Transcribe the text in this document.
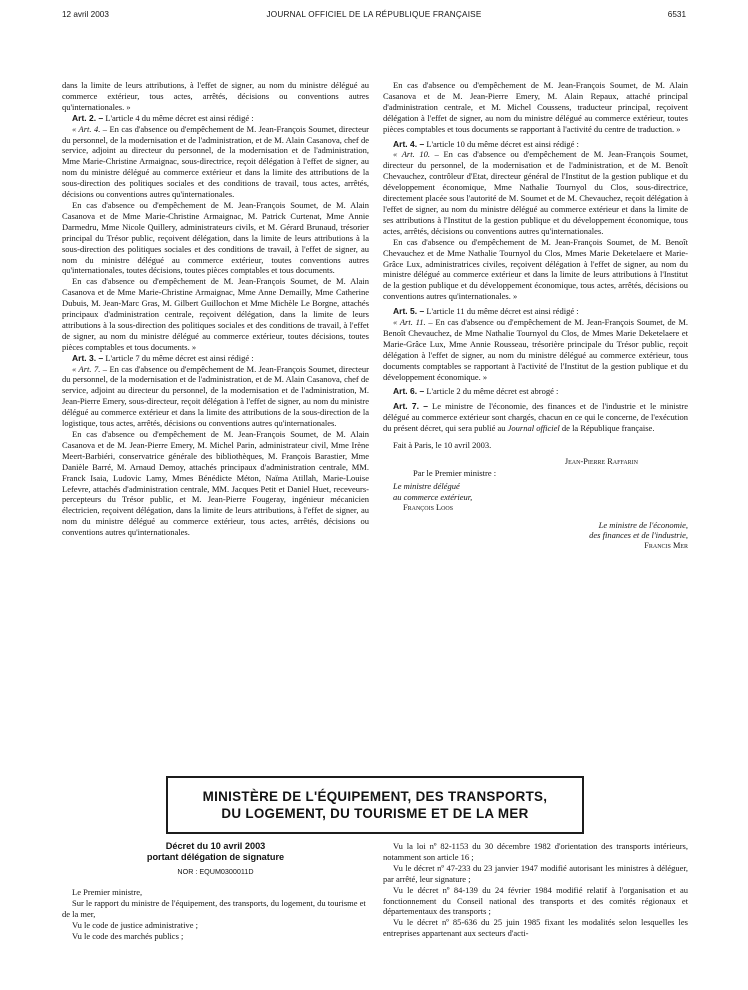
12 avril 2003	JOURNAL OFFICIEL DE LA RÉPUBLIQUE FRANÇAISE	6531

dans la limite de leurs attributions, à l'effet de signer, au nom du ministre délégué au commerce extérieur, tous actes, arrêtés, décisions ou conventions autres qu'internationales. »

Art. 2. – L'article 4 du même décret est ainsi rédigé :

« Art. 4. – En cas d'absence ou d'empêchement de M. Jean-François Soumet, directeur du personnel, de la modernisation et de l'administration, et de M. Alain Casanova, chef de service, adjoint au directeur du personnel, de la modernisation et de l'administration, Mme Marie-Christine Armaignac, sous-directrice, reçoit délégation à l'effet de signer, au nom du ministre délégué au commerce extérieur et dans la limite des attributions de la sous-direction des politiques sociales et des conditions de travail, tous actes, arrêtés, décisions ou conventions autres qu'internationales.

En cas d'absence ou d'empêchement de M. Jean-François Soumet, de M. Alain Casanova et de Mme Marie-Christine Armaignac, M. Patrick Curtenat, Mme Annie Darmedru, Mme Nicole Quillery, administrateurs civils, et M. Gérard Brunaud, trésorier principal du Trésor public, reçoivent délégation, dans la limite de leurs attributions à la sous-direction des politiques sociales et des conditions de travail, à l'effet de signer, au nom du ministre délégué au commerce extérieur, toutes conventions autres qu'internationales, toutes décisions, toutes pièces comptables et tous documents.

En cas d'absence ou d'empêchement de M. Jean-François Soumet, de M. Alain Casanova et de Mme Marie-Christine Armaignac, Mme Anne Demailly, Mme Catherine Dubuis, M. Jean-Marc Gras, M. Gilbert Guillochon et Mme Michèle Le Borgne, attachés principaux d'administration centrale, reçoivent délégation, dans la limite de leurs attributions à la sous-direction des politiques sociales et des conditions de travail, à l'effet de signer, au nom du ministre délégué au commerce extérieur, toutes décisions, toutes pièces comptables et tous documents. »

Art. 3. – L'article 7 du même décret est ainsi rédigé :

« Art. 7. – En cas d'absence ou d'empêchement de M. Jean-François Soumet, directeur du personnel, de la modernisation et de l'administration, et de M. Alain Casanova, chef de service, adjoint au directeur du personnel, de la modernisation et de l'administration, M. Jean-Pierre Emery, sous-directeur, reçoit délégation à l'effet de signer, au nom du ministre délégué au commerce extérieur et dans la limite des attributions de la sous-direction de la logistique, tous actes, arrêtés, décisions ou conventions autres qu'internationales.

En cas d'absence ou d'empêchement de M. Jean-François Soumet, de M. Alain Casanova et de M. Jean-Pierre Emery, M. Michel Parin, administrateur civil, Mme Irène Meert-Barbiéri, conservatrice générale des bibliothèques, M. François Barastier, Mme Danièle Barré, M. Arnaud Demoy, attachés principaux d'administration centrale, MM. Franck Isaia, Ludovic Lamy, Mmes Bénédicte Méton, Naïma Atillah, Marie-Louise Lefevre, attachés d'administration centrale, MM. Jacques Petit et Daniel Huet, receveurs-percepteurs du Trésor public, et M. Jean-Pierre Fougeray, ingénieur mécanicien électricien, reçoivent délégation, dans la limite de leurs attributions, à l'effet de signer, au nom du ministre délégué au commerce extérieur, tous actes, arrêtés, décisions ou conventions autres qu'internationales.

En cas d'absence ou d'empêchement de M. Jean-François Soumet, de M. Alain Casanova et de M. Jean-Pierre Emery, M. Alain Repaux, attaché principal d'administration centrale, et M. Michel Coussens, traducteur principal, reçoivent délégation à l'effet de signer, au nom du ministre délégué au commerce extérieur, toutes pièces comptables et tous documents se rapportant à l'activité du centre de traduction. »

Art. 4. – L'article 10 du même décret est ainsi rédigé :

« Art. 10. – En cas d'absence ou d'empêchement de M. Jean-François Soumet, directeur du personnel, de la modernisation et de l'administration, et de M. Benoît Chevauchez, contrôleur d'Etat, directeur général de l'Institut de la gestion publique et du développement économique, Mme Nathalie Tournyol du Clos, sous-directrice, directement placée sous l'autorité de M. Soumet et de M. Chevauchez, reçoit délégation à l'effet de signer, au nom du ministre délégué au commerce extérieur et dans la limite de ses attributions à l'Institut de la gestion publique et du développement économique, tous actes, arrêtés, décisions ou conventions autres qu'internationales.

En cas d'absence ou d'empêchement de M. Jean-François Soumet, de M. Benoît Chevauchez et de Mme Nathalie Tournyol du Clos, Mmes Marie Deketelaere et Marie-Grâce Lux, administratrices civiles, reçoivent délégation à l'effet de signer, au nom du ministre délégué au commerce extérieur et dans la limite de leurs attributions à l'Institut de la gestion publique et du développement économique, tous actes, arrêtés, décisions ou conventions autres qu'internationales. »

Art. 5. – L'article 11 du même décret est ainsi rédigé :

« Art. 11. – En cas d'absence ou d'empêchement de M. Jean-François Soumet, de M. Benoît Chevauchez, de Mme Nathalie Tournyol du Clos, de Mmes Marie Deketelaere et Marie-Grâce Lux, Mme Annie Rousseau, trésorière principale du Trésor public, reçoit délégation à l'effet de signer, au nom du ministre délégué au commerce extérieur, tous documents comptables se rapportant à l'activité de l'Institut de la gestion publique et du développement économique. »

Art. 6. – L'article 2 du même décret est abrogé :

Art. 7. – Le ministre de l'économie, des finances et de l'industrie et le ministre délégué au commerce extérieur sont chargés, chacun en ce qui le concerne, de l'exécution du présent décret, qui sera publié au Journal officiel de la République française.

Fait à Paris, le 10 avril 2003.

Jean-Pierre Raffarin
Par le Premier ministre :
Le ministre délégué
au commerce extérieur,
François Loos
Le ministre de l'économie,
des finances et de l'industrie,
Francis Mer
MINISTÈRE DE L'ÉQUIPEMENT, DES TRANSPORTS,
DU LOGEMENT, DU TOURISME ET DE LA MER
Décret du 10 avril 2003
portant délégation de signature
NOR : EQUM0300011D

Le Premier ministre,

Sur le rapport du ministre de l'équipement, des transports, du logement, du tourisme et de la mer,

Vu le code de justice administrative ;

Vu le code des marchés publics ;

Vu la loi nº 82-1153 du 30 décembre 1982 d'orientation des transports intérieurs, notamment son article 16 ;

Vu le décret nº 47-233 du 23 janvier 1947 modifié autorisant les ministres à déléguer, par arrêté, leur signature ;

Vu le décret nº 84-139 du 24 février 1984 modifié relatif à l'organisation et au fonctionnement du Conseil national des transports et des comités régionaux et départementaux des transports ;

Vu le décret nº 85-636 du 25 juin 1985 fixant les modalités selon lesquelles les entreprises appartenant aux secteurs d'acti-
